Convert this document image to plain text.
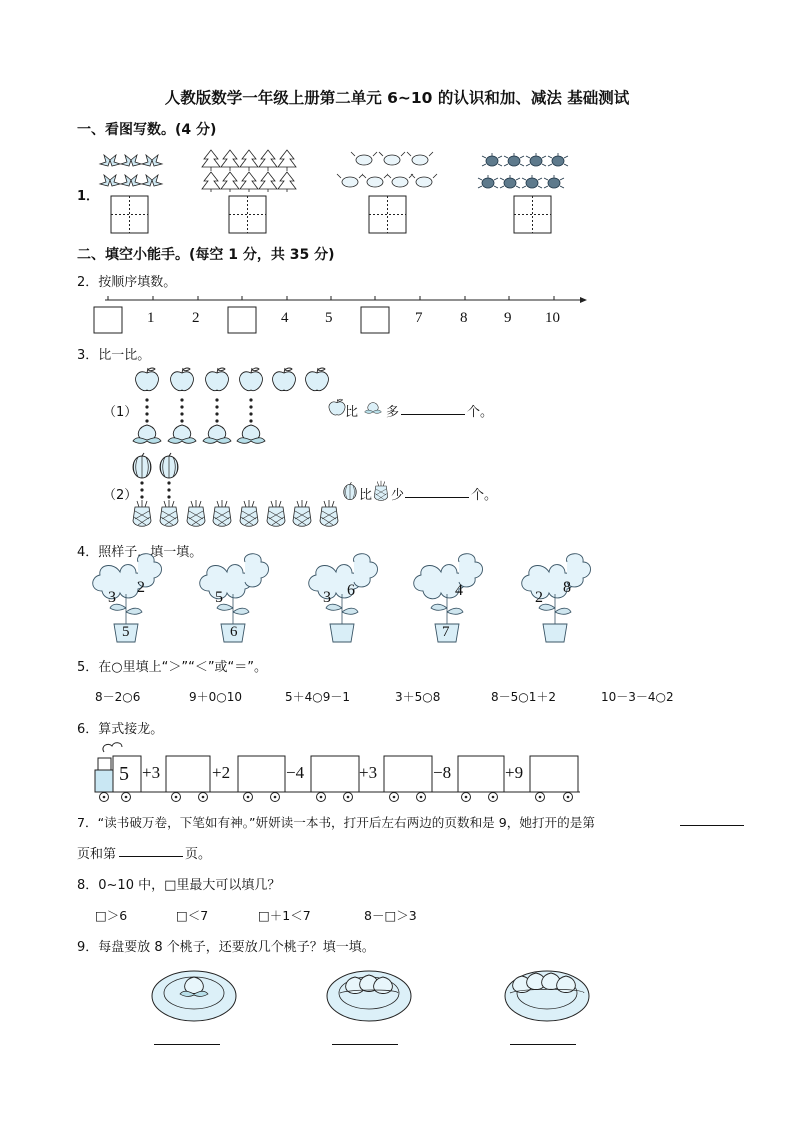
人教版数学一年级上册第二单元 6~10 的认识和加、减法 基础测试
一、看图写数。(4 分)
1．
二、填空小能手。(每空 1 分，共 35 分)
2．按顺序填数。
1	2	4 5	7	8 9 10
3．比一比。
（1）	比 多	个。
（2）	比 少	个。
4．照样子，填一填。
3
2
5
5
6
3 6	4
7
2
8
5．在○里填上“＞”“＜”或“＝”。
8－2○6	9＋0○10	5＋4○9－1	3＋5○8	8－5○1＋2	10－3－4○2
6．算式接龙。
5 +3	+2	−4	+3	−8	+9
7．“读书破万卷，下笔如有神。”妍妍读一本书，打开后左右两边的页数和是 9，她打开的是第
页和第	页。
8．0~10 中，□里最大可以填几？
□＞6	□＜7	□＋1＜7	8－□＞3
9．每盘要放 8 个桃子，还要放几个桃子？填一填。
